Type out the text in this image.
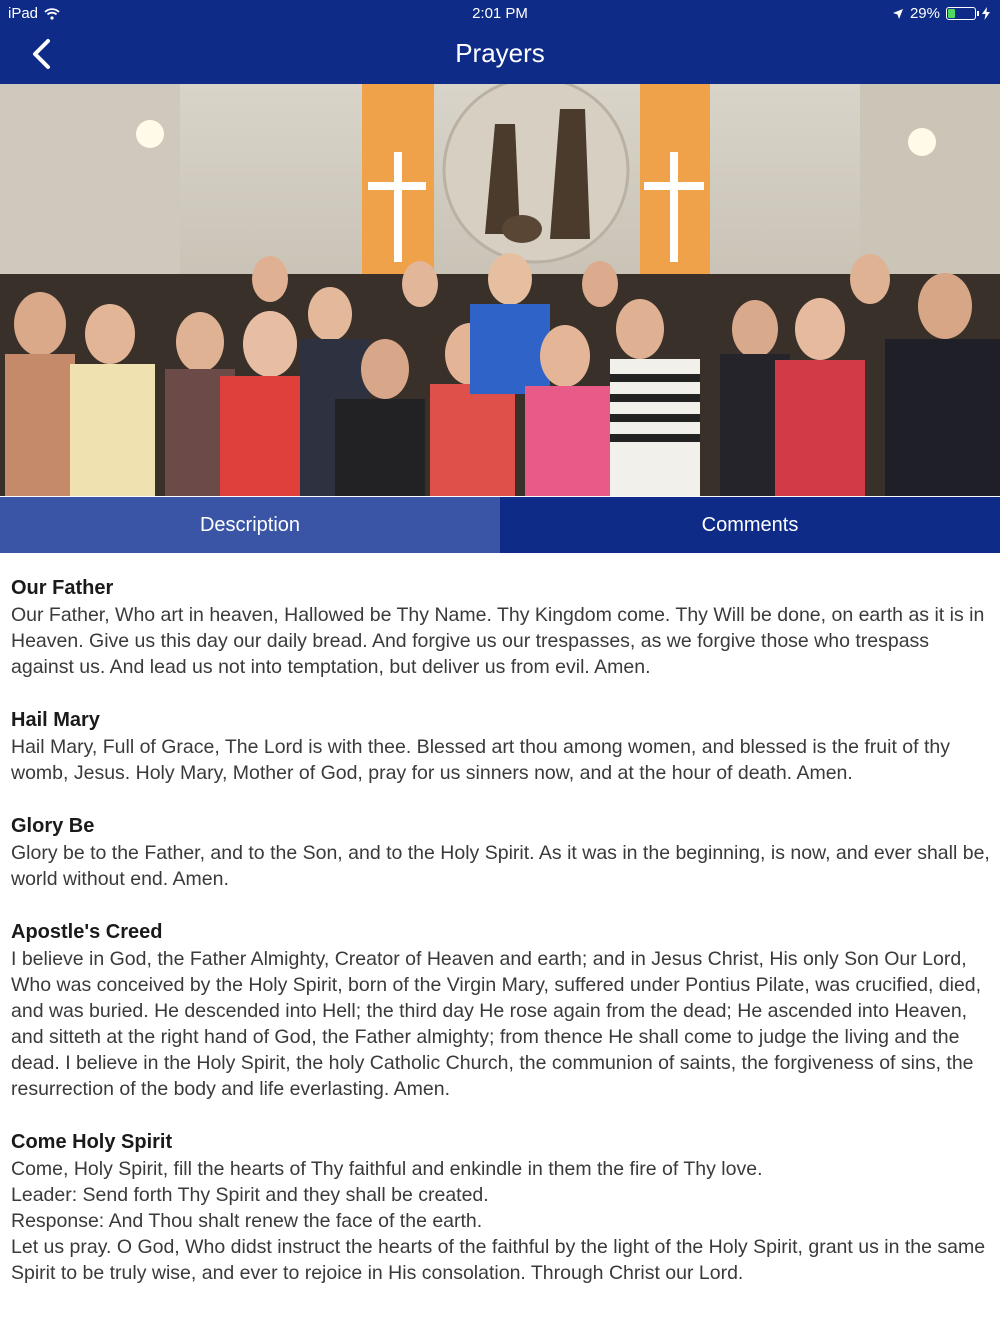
iPad	2:01 PM	29%
Prayers
Description	Comments
Our Father

Our Father, Who art in heaven, Hallowed be Thy Name. Thy Kingdom come. Thy Will be done, on earth as it is in Heaven. Give us this day our daily bread. And forgive us our trespasses, as we forgive those who trespass against us. And lead us not into temptation, but deliver us from evil. Amen.

Hail Mary

Hail Mary, Full of Grace, The Lord is with thee. Blessed art thou among women, and blessed is the fruit of thy womb, Jesus. Holy Mary, Mother of God, pray for us sinners now, and at the hour of death. Amen.

Glory Be

Glory be to the Father, and to the Son, and to the Holy Spirit. As it was in the beginning, is now, and ever shall be, world without end. Amen.

Apostle's Creed

I believe in God, the Father Almighty, Creator of Heaven and earth; and in Jesus Christ, His only Son Our Lord, Who was conceived by the Holy Spirit, born of the Virgin Mary, suffered under Pontius Pilate, was crucified, died, and was buried. He descended into Hell; the third day He rose again from the dead; He ascended into Heaven, and sitteth at the right hand of God, the Father almighty; from thence He shall come to judge the living and the dead. I believe in the Holy Spirit, the holy Catholic Church, the communion of saints, the forgiveness of sins, the resurrection of the body and life everlasting. Amen.

Come Holy Spirit

Come, Holy Spirit, fill the hearts of Thy faithful and enkindle in them the fire of Thy love.
Leader: Send forth Thy Spirit and they shall be created.
Response: And Thou shalt renew the face of the earth.
Let us pray. O God, Who didst instruct the hearts of the faithful by the light of the Holy Spirit, grant us in the same Spirit to be truly wise, and ever to rejoice in His consolation. Through Christ our Lord.
